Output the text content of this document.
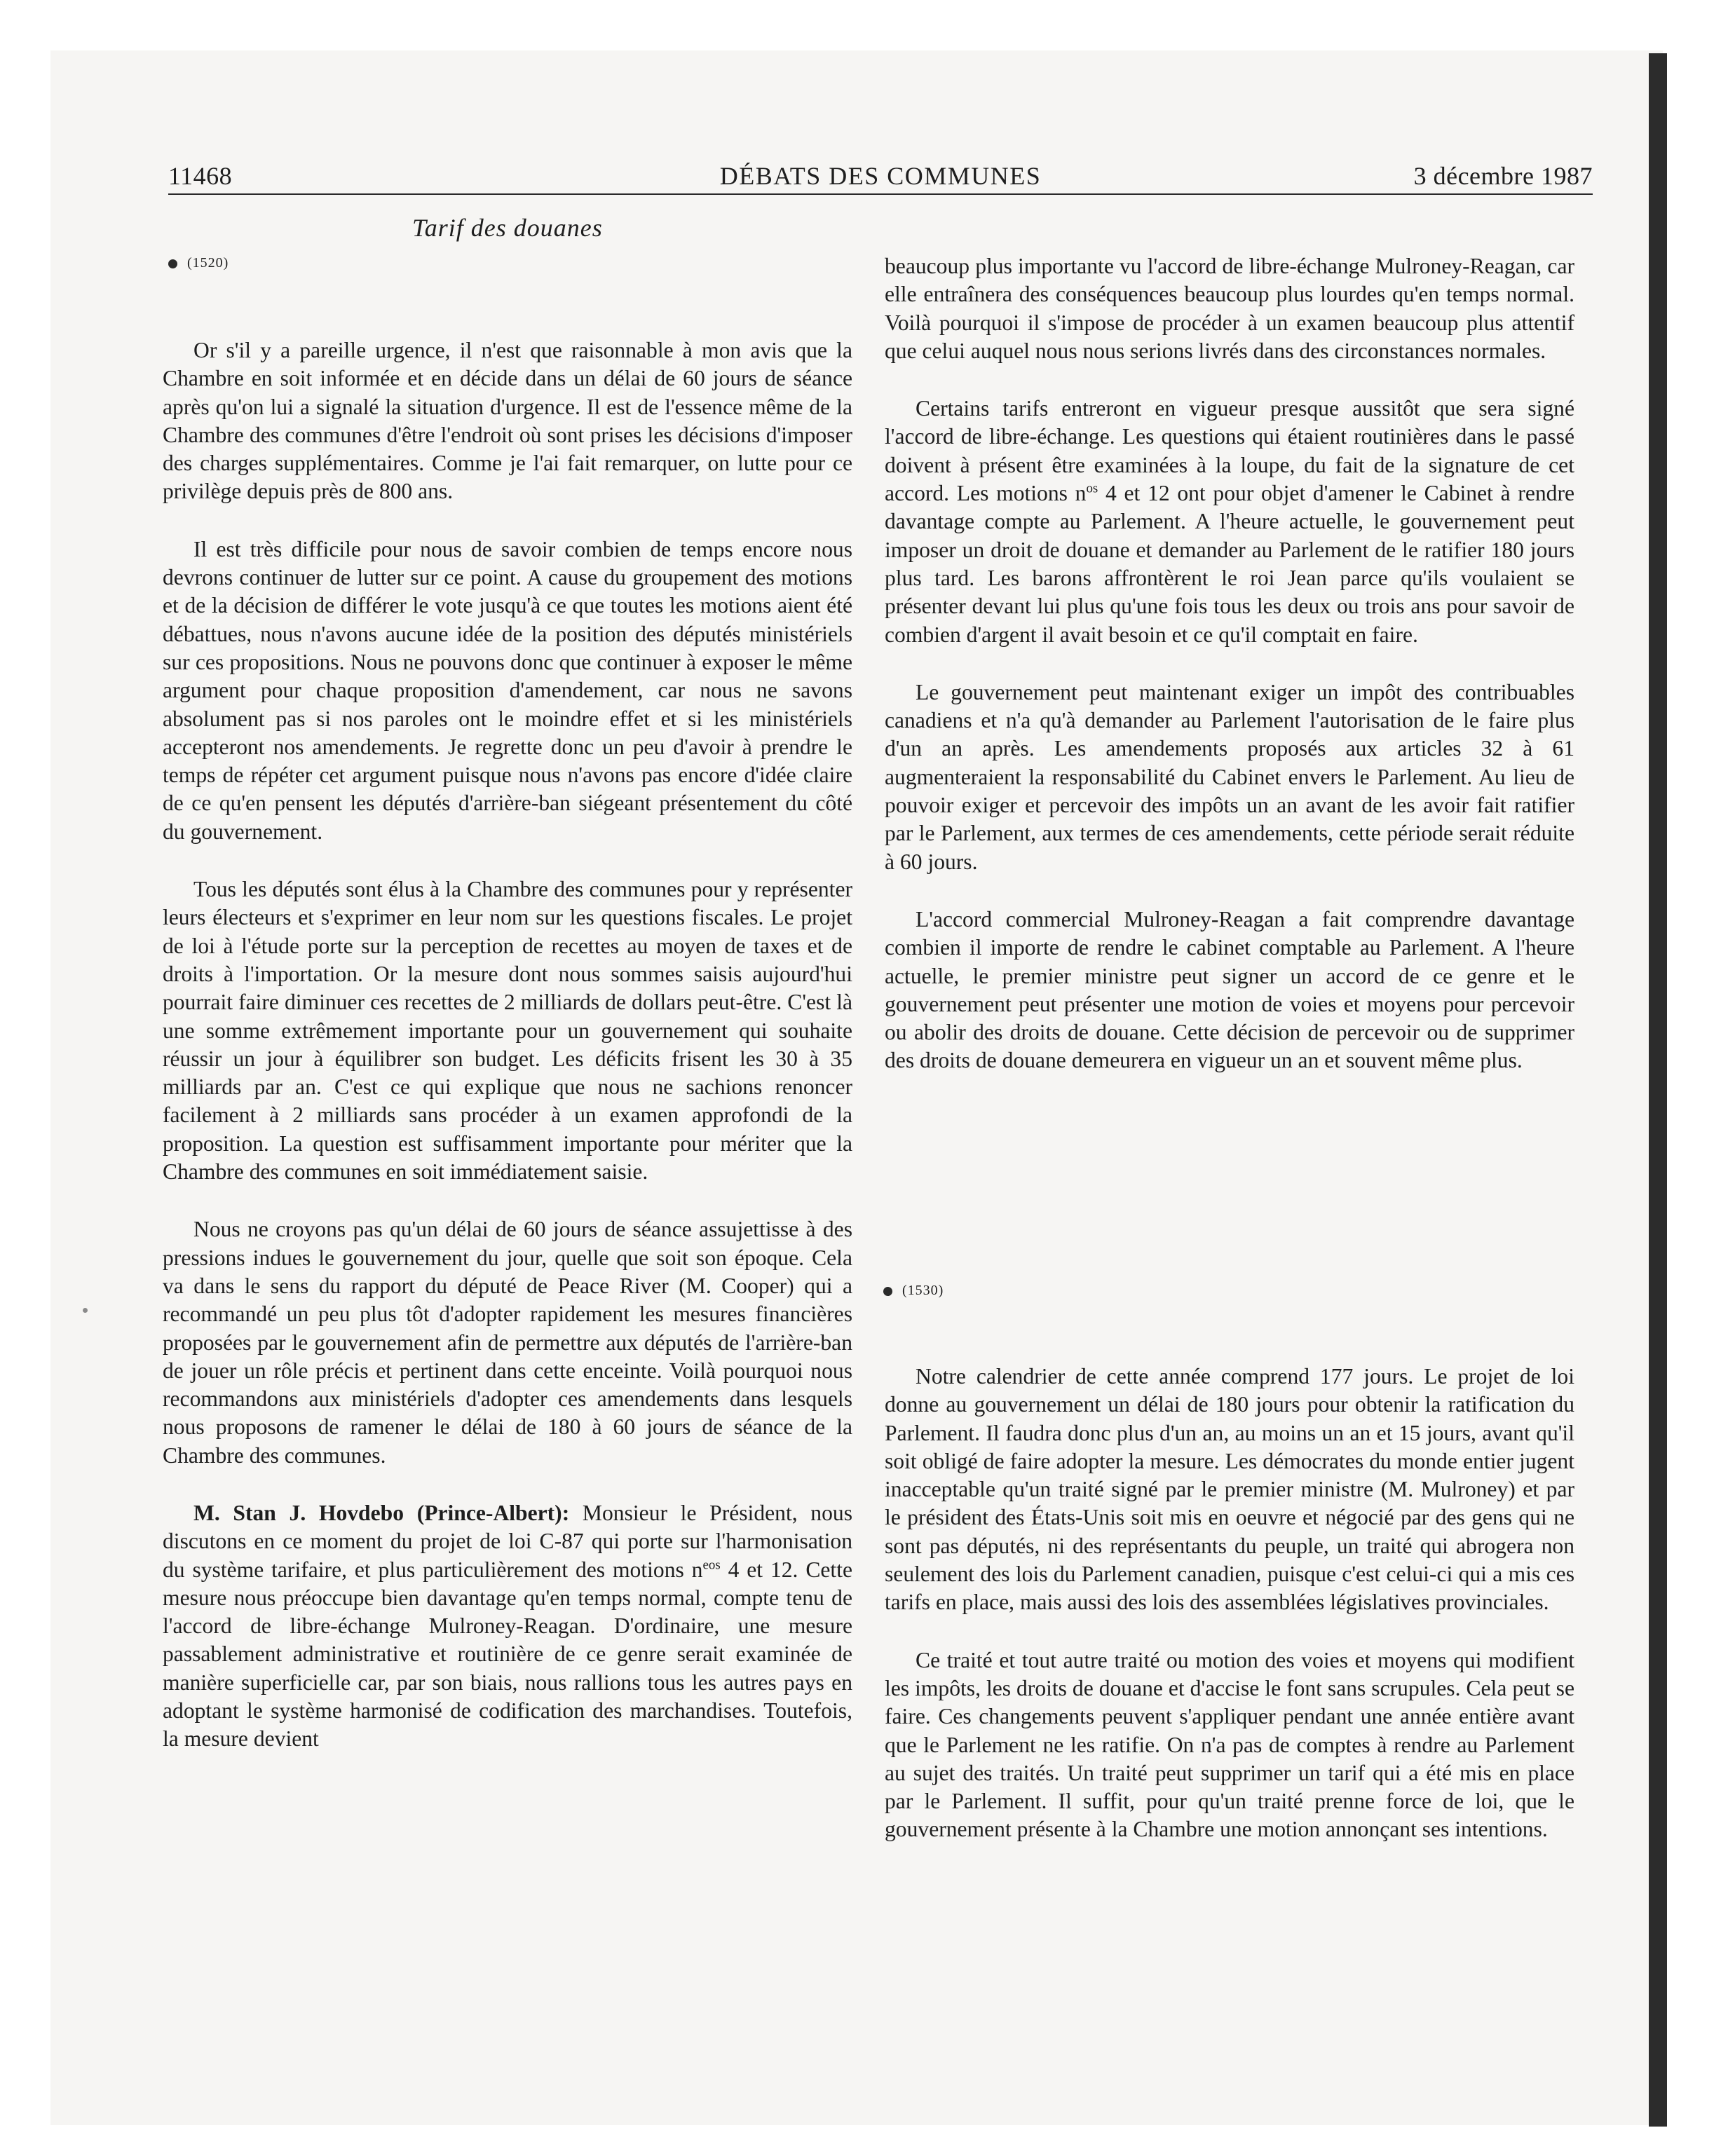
11468	DÉBATS DES COMMUNES	3 décembre 1987
Tarif des douanes
(1520)

Or s'il y a pareille urgence, il n'est que raisonnable à mon avis que la Chambre en soit informée et en décide dans un délai de 60 jours de séance après qu'on lui a signalé la situation d'urgence. Il est de l'essence même de la Chambre des communes d'être l'endroit où sont prises les décisions d'imposer des charges supplémentaires. Comme je l'ai fait remarquer, on lutte pour ce privilège depuis près de 800 ans.

Il est très difficile pour nous de savoir combien de temps encore nous devrons continuer de lutter sur ce point. A cause du groupement des motions et de la décision de différer le vote jusqu'à ce que toutes les motions aient été débattues, nous n'avons aucune idée de la position des députés ministériels sur ces propositions. Nous ne pouvons donc que continuer à exposer le même argument pour chaque proposition d'amendement, car nous ne savons absolument pas si nos paroles ont le moindre effet et si les ministériels accepteront nos amendements. Je regrette donc un peu d'avoir à prendre le temps de répéter cet argument puisque nous n'avons pas encore d'idée claire de ce qu'en pensent les députés d'arrière-ban siégeant présentement du côté du gouvernement.

Tous les députés sont élus à la Chambre des communes pour y représenter leurs électeurs et s'exprimer en leur nom sur les questions fiscales. Le projet de loi à l'étude porte sur la perception de recettes au moyen de taxes et de droits à l'importation. Or la mesure dont nous sommes saisis aujourd'hui pourrait faire diminuer ces recettes de 2 milliards de dollars peut-être. C'est là une somme extrêmement importante pour un gouvernement qui souhaite réussir un jour à équilibrer son budget. Les déficits frisent les 30 à 35 milliards par an. C'est ce qui explique que nous ne sachions renoncer facilement à 2 milliards sans procéder à un examen approfondi de la proposition. La question est suffisamment importante pour mériter que la Chambre des communes en soit immédiatement saisie.

Nous ne croyons pas qu'un délai de 60 jours de séance assujettisse à des pressions indues le gouvernement du jour, quelle que soit son époque. Cela va dans le sens du rapport du député de Peace River (M. Cooper) qui a recommandé un peu plus tôt d'adopter rapidement les mesures financières proposées par le gouvernement afin de permettre aux députés de l'arrière-ban de jouer un rôle précis et pertinent dans cette enceinte. Voilà pourquoi nous recommandons aux ministériels d'adopter ces amendements dans lesquels nous proposons de ramener le délai de 180 à 60 jours de séance de la Chambre des communes.

M. Stan J. Hovdebo (Prince-Albert): Monsieur le Président, nous discutons en ce moment du projet de loi C-87 qui porte sur l'harmonisation du système tarifaire, et plus particulièrement des motions $n^{eos}$ 4 et 12. Cette mesure nous préoccupe bien davantage qu'en temps normal, compte tenu de l'accord de libre-échange Mulroney-Reagan. D'ordinaire, une mesure passablement administrative et routinière de ce genre serait examinée de manière superficielle car, par son biais, nous rallions tous les autres pays en adoptant le système harmonisé de codification des marchandises. Toutefois, la mesure devient

beaucoup plus importante vu l'accord de libre-échange Mulroney-Reagan, car elle entraînera des conséquences beaucoup plus lourdes qu'en temps normal. Voilà pourquoi il s'impose de procéder à un examen beaucoup plus attentif que celui auquel nous nous serions livrés dans des circonstances normales.

Certains tarifs entreront en vigueur presque aussitôt que sera signé l'accord de libre-échange. Les questions qui étaient routinières dans le passé doivent à présent être examinées à la loupe, du fait de la signature de cet accord. Les motions $n^{os}$ 4 et 12 ont pour objet d'amener le Cabinet à rendre davantage compte au Parlement. A l'heure actuelle, le gouvernement peut imposer un droit de douane et demander au Parlement de le ratifier 180 jours plus tard. Les barons affrontèrent le roi Jean parce qu'ils voulaient se présenter devant lui plus qu'une fois tous les deux ou trois ans pour savoir de combien d'argent il avait besoin et ce qu'il comptait en faire.

Le gouvernement peut maintenant exiger un impôt des contribuables canadiens et n'a qu'à demander au Parlement l'autorisation de le faire plus d'un an après. Les amendements proposés aux articles 32 à 61 augmenteraient la responsabilité du Cabinet envers le Parlement. Au lieu de pouvoir exiger et percevoir des impôts un an avant de les avoir fait ratifier par le Parlement, aux termes de ces amendements, cette période serait réduite à 60 jours.

L'accord commercial Mulroney-Reagan a fait comprendre davantage combien il importe de rendre le cabinet comptable au Parlement. A l'heure actuelle, le premier ministre peut signer un accord de ce genre et le gouvernement peut présenter une motion de voies et moyens pour percevoir ou abolir des droits de douane. Cette décision de percevoir ou de supprimer des droits de douane demeurera en vigueur un an et souvent même plus.

(1530)

Notre calendrier de cette année comprend 177 jours. Le projet de loi donne au gouvernement un délai de 180 jours pour obtenir la ratification du Parlement. Il faudra donc plus d'un an, au moins un an et 15 jours, avant qu'il soit obligé de faire adopter la mesure. Les démocrates du monde entier jugent inacceptable qu'un traité signé par le premier ministre (M. Mulroney) et par le président des États-Unis soit mis en oeuvre et négocié par des gens qui ne sont pas députés, ni des représentants du peuple, un traité qui abrogera non seulement des lois du Parlement canadien, puisque c'est celui-ci qui a mis ces tarifs en place, mais aussi des lois des assemblées législatives provinciales.

Ce traité et tout autre traité ou motion des voies et moyens qui modifient les impôts, les droits de douane et d'accise le font sans scrupules. Cela peut se faire. Ces changements peuvent s'appliquer pendant une année entière avant que le Parlement ne les ratifie. On n'a pas de comptes à rendre au Parlement au sujet des traités. Un traité peut supprimer un tarif qui a été mis en place par le Parlement. Il suffit, pour qu'un traité prenne force de loi, que le gouvernement présente à la Chambre une motion annonçant ses intentions.
